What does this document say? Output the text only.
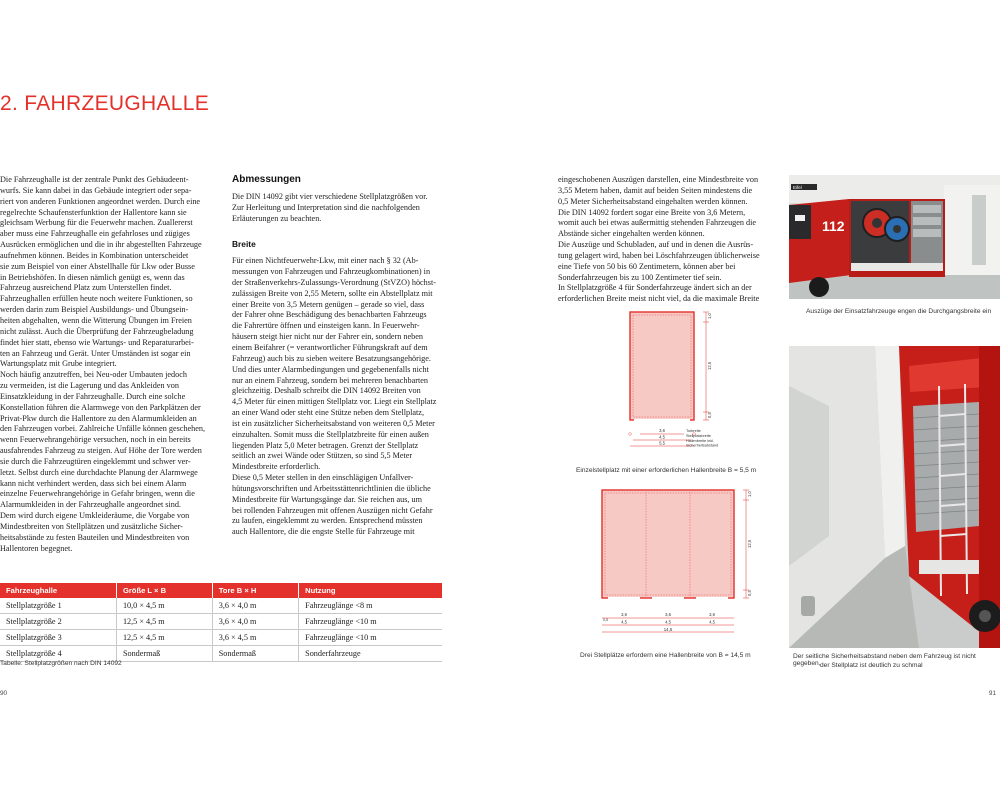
2. FAHRZEUGHALLE

Die Fahrzeughalle ist der zentrale Punkt des Gebäudeent-

wurfs. Sie kann dabei in das Gebäude integriert oder sepa-

riert von anderen Funktionen angeordnet werden. Durch eine

regelrechte Schaufensterfunktion der Hallentore kann sie

gleichsam Werbung für die Feuerwehr machen. Zuallererst

aber muss eine Fahrzeughalle ein gefahrloses und zügiges

Ausrücken ermöglichen und die in ihr abgestellten Fahrzeuge

aufnehmen können. Beides in Kombination unterscheidet

sie zum Beispiel von einer Abstellhalle für Lkw oder Busse

in Betriebshöfen. In diesen nämlich genügt es, wenn das

Fahrzeug ausreichend Platz zum Unterstellen findet.

Fahrzeughallen erfüllen heute noch weitere Funktionen, so

werden darin zum Beispiel Ausbildungs- und Übungsein-

heiten abgehalten, wenn die Witterung Übungen im Freien

nicht zulässt. Auch die Überprüfung der Fahrzeugbeladung

findet hier statt, ebenso wie Wartungs- und Reparaturarbei-

ten an Fahrzeug und Gerät. Unter Umständen ist sogar ein

Wartungsplatz mit Grube integriert.

Noch häufig anzutreffen, bei Neu-oder Umbauten jedoch

zu vermeiden, ist die Lagerung und das Ankleiden von

Einsatzkleidung in der Fahrzeughalle. Durch eine solche

Konstellation führen die Alarmwege von den Parkplätzen der

Privat-Pkw durch die Hallentore zu den Alarmumkleiden an

den Fahrzeugen vorbei. Zahlreiche Unfälle können geschehen,

wenn Feuerwehrangehörige versuchen, noch in ein bereits

ausfahrendes Fahrzeug zu steigen. Auf Höhe der Tore werden

sie durch die Fahrzeugtüren eingeklemmt und schwer ver-

letzt. Selbst durch eine durchdachte Planung der Alarmwege

kann nicht verhindert werden, dass sich bei einem Alarm

einzelne Feuerwehrangehörige in Gefahr bringen, wenn die

Alarmumkleiden in der Fahrzeughalle angeordnet sind.

Dem wird durch eigene Umkleideräume, die Vorgabe von

Mindestbreiten von Stellplätzen und zusätzliche Sicher-

heitsabstände zu festen Bauteilen und Mindestbreiten von

Hallentoren begegnet.

Abmessungen

Die DIN 14092 gibt vier verschiedene Stellplatzgrößen vor.

Zur Herleitung und Interpretation sind die nachfolgenden

Erläuterungen zu beachten.

Breite

Für einen Nichtfeuerwehr-Lkw, mit einer nach § 32 (Ab-

messungen von Fahrzeugen und Fahrzeugkombinationen) in

der Straßenverkehrs-Zulassungs-Verordnung (StVZO) höchst-

zulässigen Breite von 2,55 Metern, sollte ein Abstellplatz mit

einer Breite von 3,5 Metern genügen – gerade so viel, dass

der Fahrer ohne Beschädigung des benachbarten Fahrzeugs

die Fahrertüre öffnen und einsteigen kann. In Feuerwehr-

häusern steigt hier nicht nur der Fahrer ein, sondern neben

einem Beifahrer (= verantwortlicher Führungskraft auf dem

Fahrzeug) auch bis zu sieben weitere Besatzungsangehörige.

Und dies unter Alarmbedingungen und gegebenenfalls nicht

nur an einem Fahrzeug, sondern bei mehreren benachbarten

gleichzeitig. Deshalb schreibt die DIN 14092 Breiten von

4,5 Meter für einen mittigen Stellplatz vor. Liegt ein Stellplatz

an einer Wand oder steht eine Stütze neben dem Stellplatz,

ist ein zusätzlicher Sicherheitsabstand von weiteren 0,5 Meter

einzuhalten. Somit muss die Stellplatzbreite für einen außen

liegenden Platz 5,0 Meter betragen. Grenzt der Stellplatz

seitlich an zwei Wände oder Stützen, so sind 5,5 Meter

Mindestbreite erforderlich.

Diese 0,5 Meter stellen in den einschlägigen Unfallver-

hütungsvorschriften und Arbeitsstättenrichtlinien die übliche

Mindestbreite für Wartungsgänge dar. Sie reichen aus, um

bei rollenden Fahrzeugen mit offenen Auszügen nicht Gefahr

zu laufen, eingeklemmt zu werden. Entsprechend müssten

auch Hallentore, die die engste Stelle für Fahrzeuge mit

Fahrzeughalle	Größe L × B	Tore B × H	Nutzung
Stellplatzgröße 1	10,0 × 4,5 m	3,6 × 4,0 m	Fahrzeuglänge <8 m
Stellplatzgröße 2	12,5 × 4,5 m	3,6 × 4,0 m	Fahrzeuglänge <10 m
Stellplatzgröße 3	12,5 × 4,5 m	3,6 × 4,5 m	Fahrzeuglänge <10 m
Stellplatzgröße 4	Sondermaß	Sondermaß	Sonderfahrzeuge
Tabelle: Stellplatzgrößen nach DIN 14092
90

eingeschobenen Auszügen darstellen, eine Mindestbreite von

3,55 Metern haben, damit auf beiden Seiten mindestens die

0,5 Meter Sicherheitsabstand eingehalten werden können.

Die DIN 14092 fordert sogar eine Breite von 3,6 Metern,

womit auch bei etwas außermittig stehenden Fahrzeugen die

Abstände sicher eingehalten werden können.

Die Auszüge und Schubladen, auf und in denen die Ausrüs-

tung gelagert wird, haben bei Löschfahrzeugen üblicherweise

eine Tiefe von 50 bis 60 Zentimetern, können aber bei

Sonderfahrzeugen bis zu 100 Zentimeter tief sein.

In Stellplatzgröße 4 für Sonderfahrzeuge ändert sich an der

erforderlichen Breite meist nicht viel, da die maximale Breite

1,0
12,5
0,5
3,6
4,5
5,5
Torbreite
Stellplatzbreite
Hallenbreite inkl.
Sicherheitsabstand
Einzelstellplatz mit einer erforderlichen Hallenbreite B = 5,5 m
1,0
12,5
0,5
3,6	3,6	3,6
4,5	4,5	4,5
0,5
14,5
Drei Stellplätze erfordern eine Hallenbreite von B = 14,5 m
112
Eifel
Auszüge der Einsatzfahrzeuge engen die Durchgangsbreite ein
Der seitliche Sicherheitsabstand neben dem Fahrzeug ist nicht gegeben, der Stellplatz ist deutlich zu schmal
91
